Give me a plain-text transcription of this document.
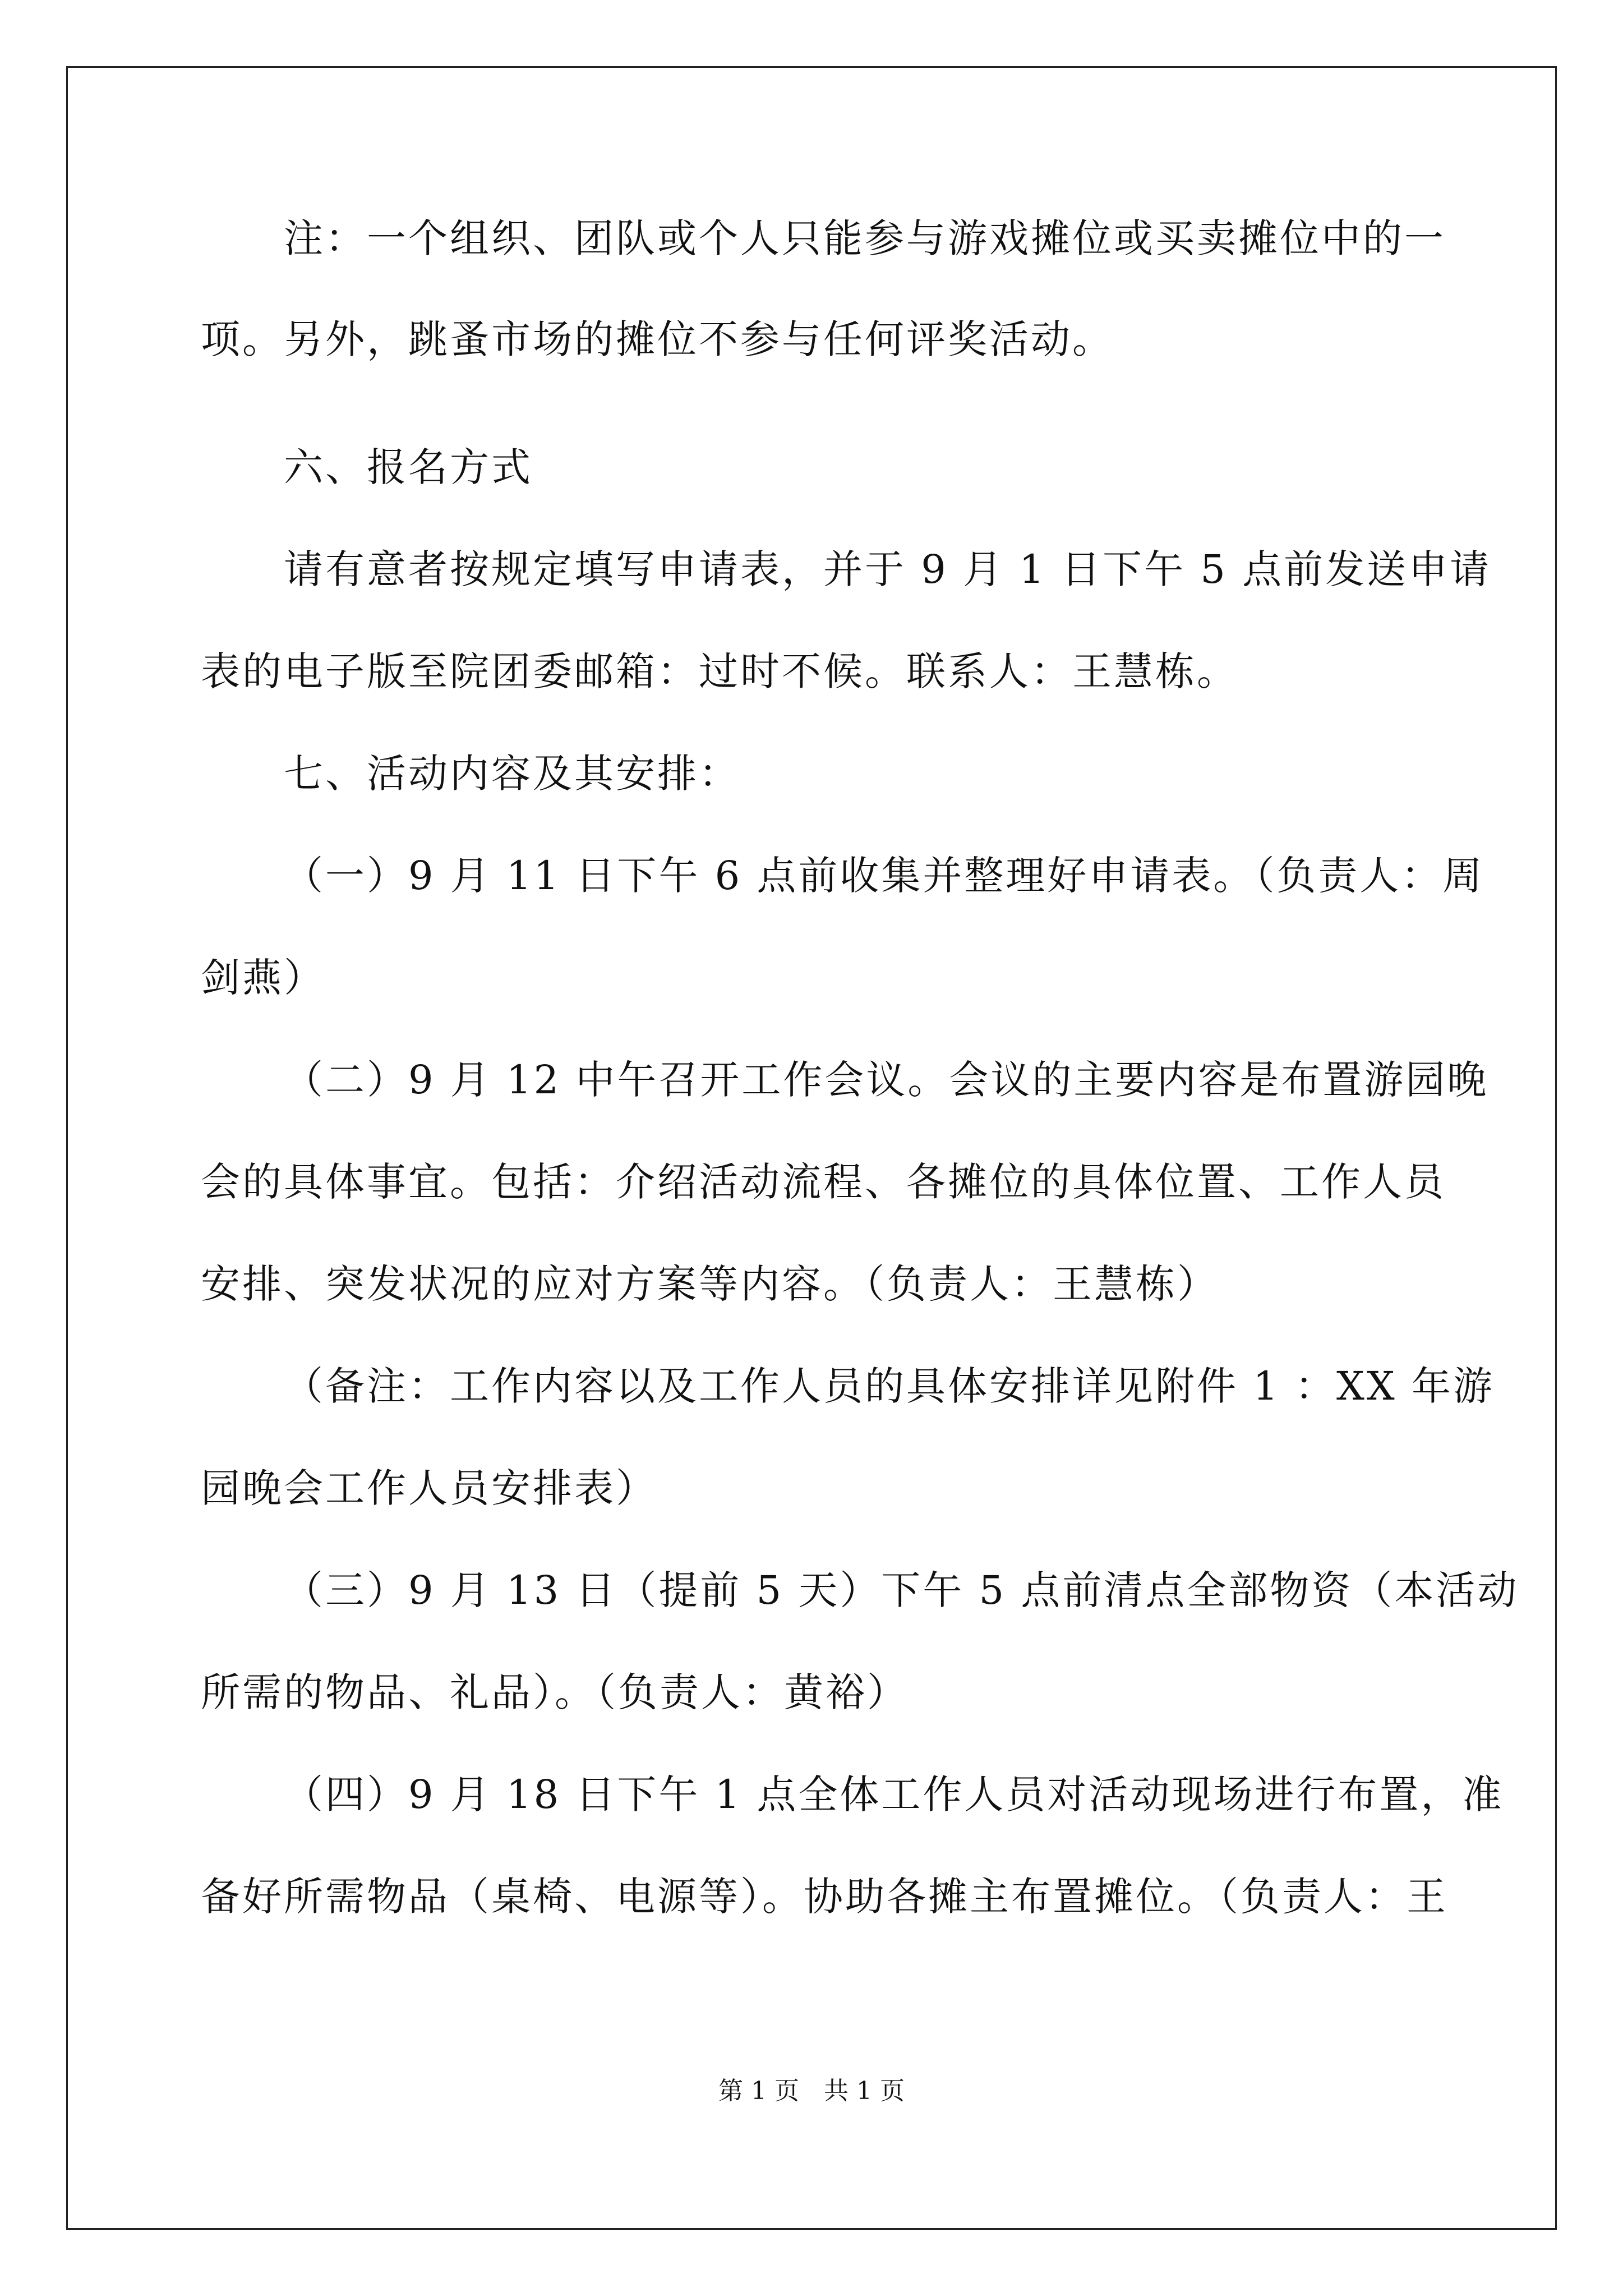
注：一个组织、团队或个人只能参与游戏摊位或买卖摊位中的一
项。另外，跳蚤市场的摊位不参与任何评奖活动。
六、报名方式
请有意者按规定填写申请表，并于 9 月 1 日下午 5 点前发送申请
表的电子版至院团委邮箱：过时不候。联系人：王慧栋。
七、活动内容及其安排：
（一）9 月 11 日下午 6 点前收集并整理好申请表。（负责人：周
剑燕）
（二）9 月 12 中午召开工作会议。会议的主要内容是布置游园晚
会的具体事宜。包括：介绍活动流程、各摊位的具体位置、工作人员
安排、突发状况的应对方案等内容。（负责人：王慧栋）
（备注：工作内容以及工作人员的具体安排详见附件 1 ：XX 年游
园晚会工作人员安排表）
（三）9 月 13 日（提前 5 天）下午 5 点前清点全部物资（本活动
所需的物品、礼品）。（负责人：黄裕）
（四）9 月 18 日下午 1 点全体工作人员对活动现场进行布置，准
备好所需物品（桌椅、电源等）。协助各摊主布置摊位。（负责人：王
第 1 页　共 1 页
